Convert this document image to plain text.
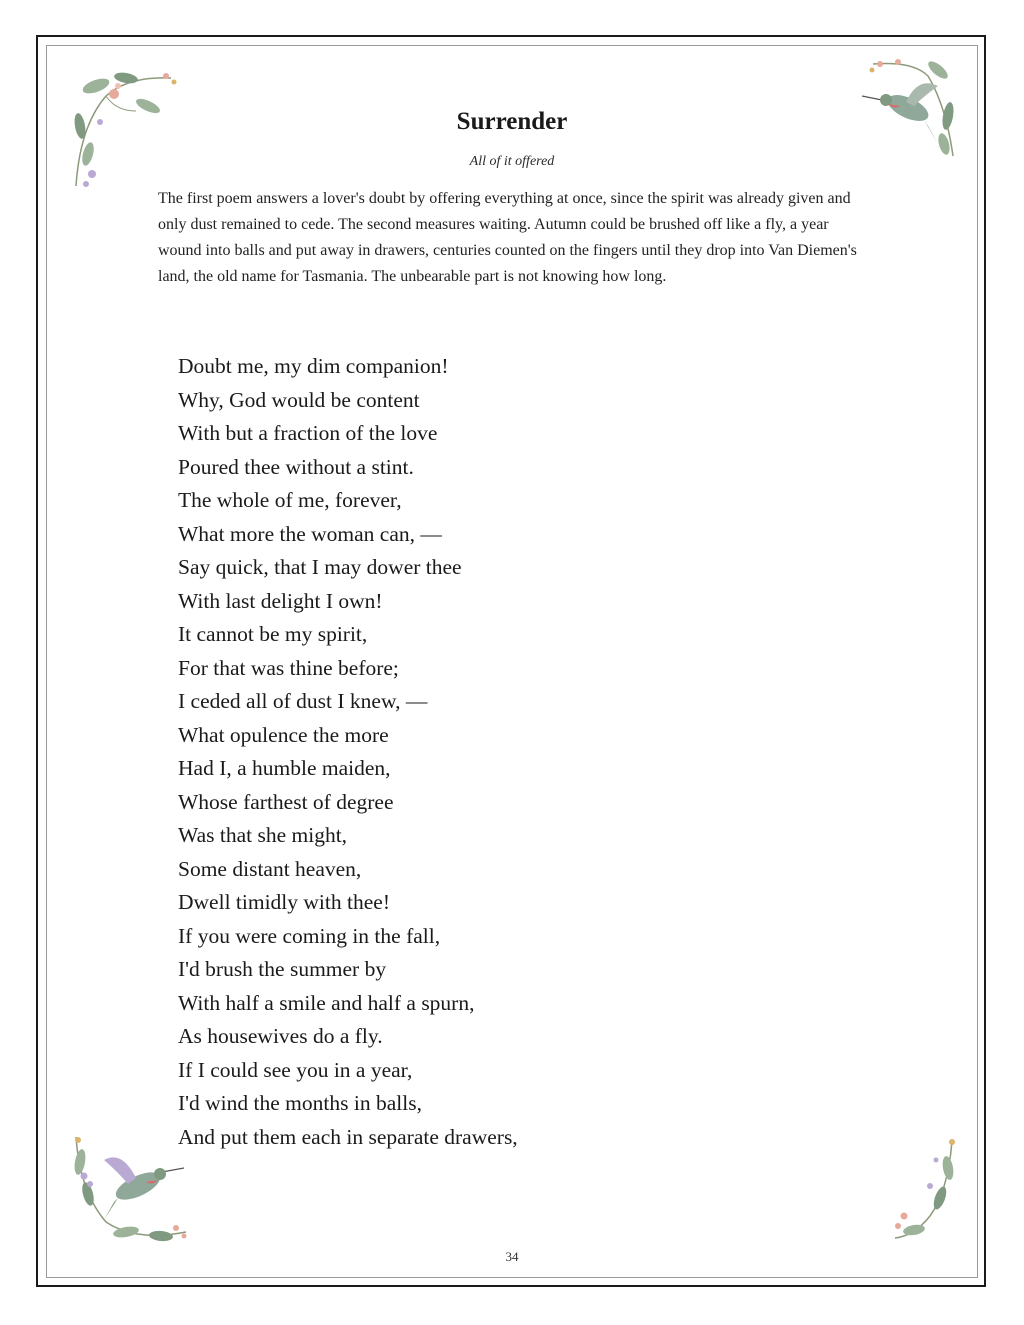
Surrender

All of it offered

The first poem answers a lover's doubt by offering everything at once, since the spirit was already given and only dust remained to cede. The second measures waiting. Autumn could be brushed off like a fly, a year wound into balls and put away in drawers, centuries counted on the fingers until they drop into Van Diemen's land, the old name for Tasmania. The unbearable part is not knowing how long.

Doubt me, my dim companion!
Why, God would be content
With but a fraction of the love
Poured thee without a stint.
The whole of me, forever,
What more the woman can, —
Say quick, that I may dower thee
With last delight I own!
It cannot be my spirit,
For that was thine before;
I ceded all of dust I knew, —
What opulence the more
Had I, a humble maiden,
Whose farthest of degree
Was that she might,
Some distant heaven,
Dwell timidly with thee!
If you were coming in the fall,
I'd brush the summer by
With half a smile and half a spurn,
As housewives do a fly.
If I could see you in a year,
I'd wind the months in balls,
And put them each in separate drawers,
34
